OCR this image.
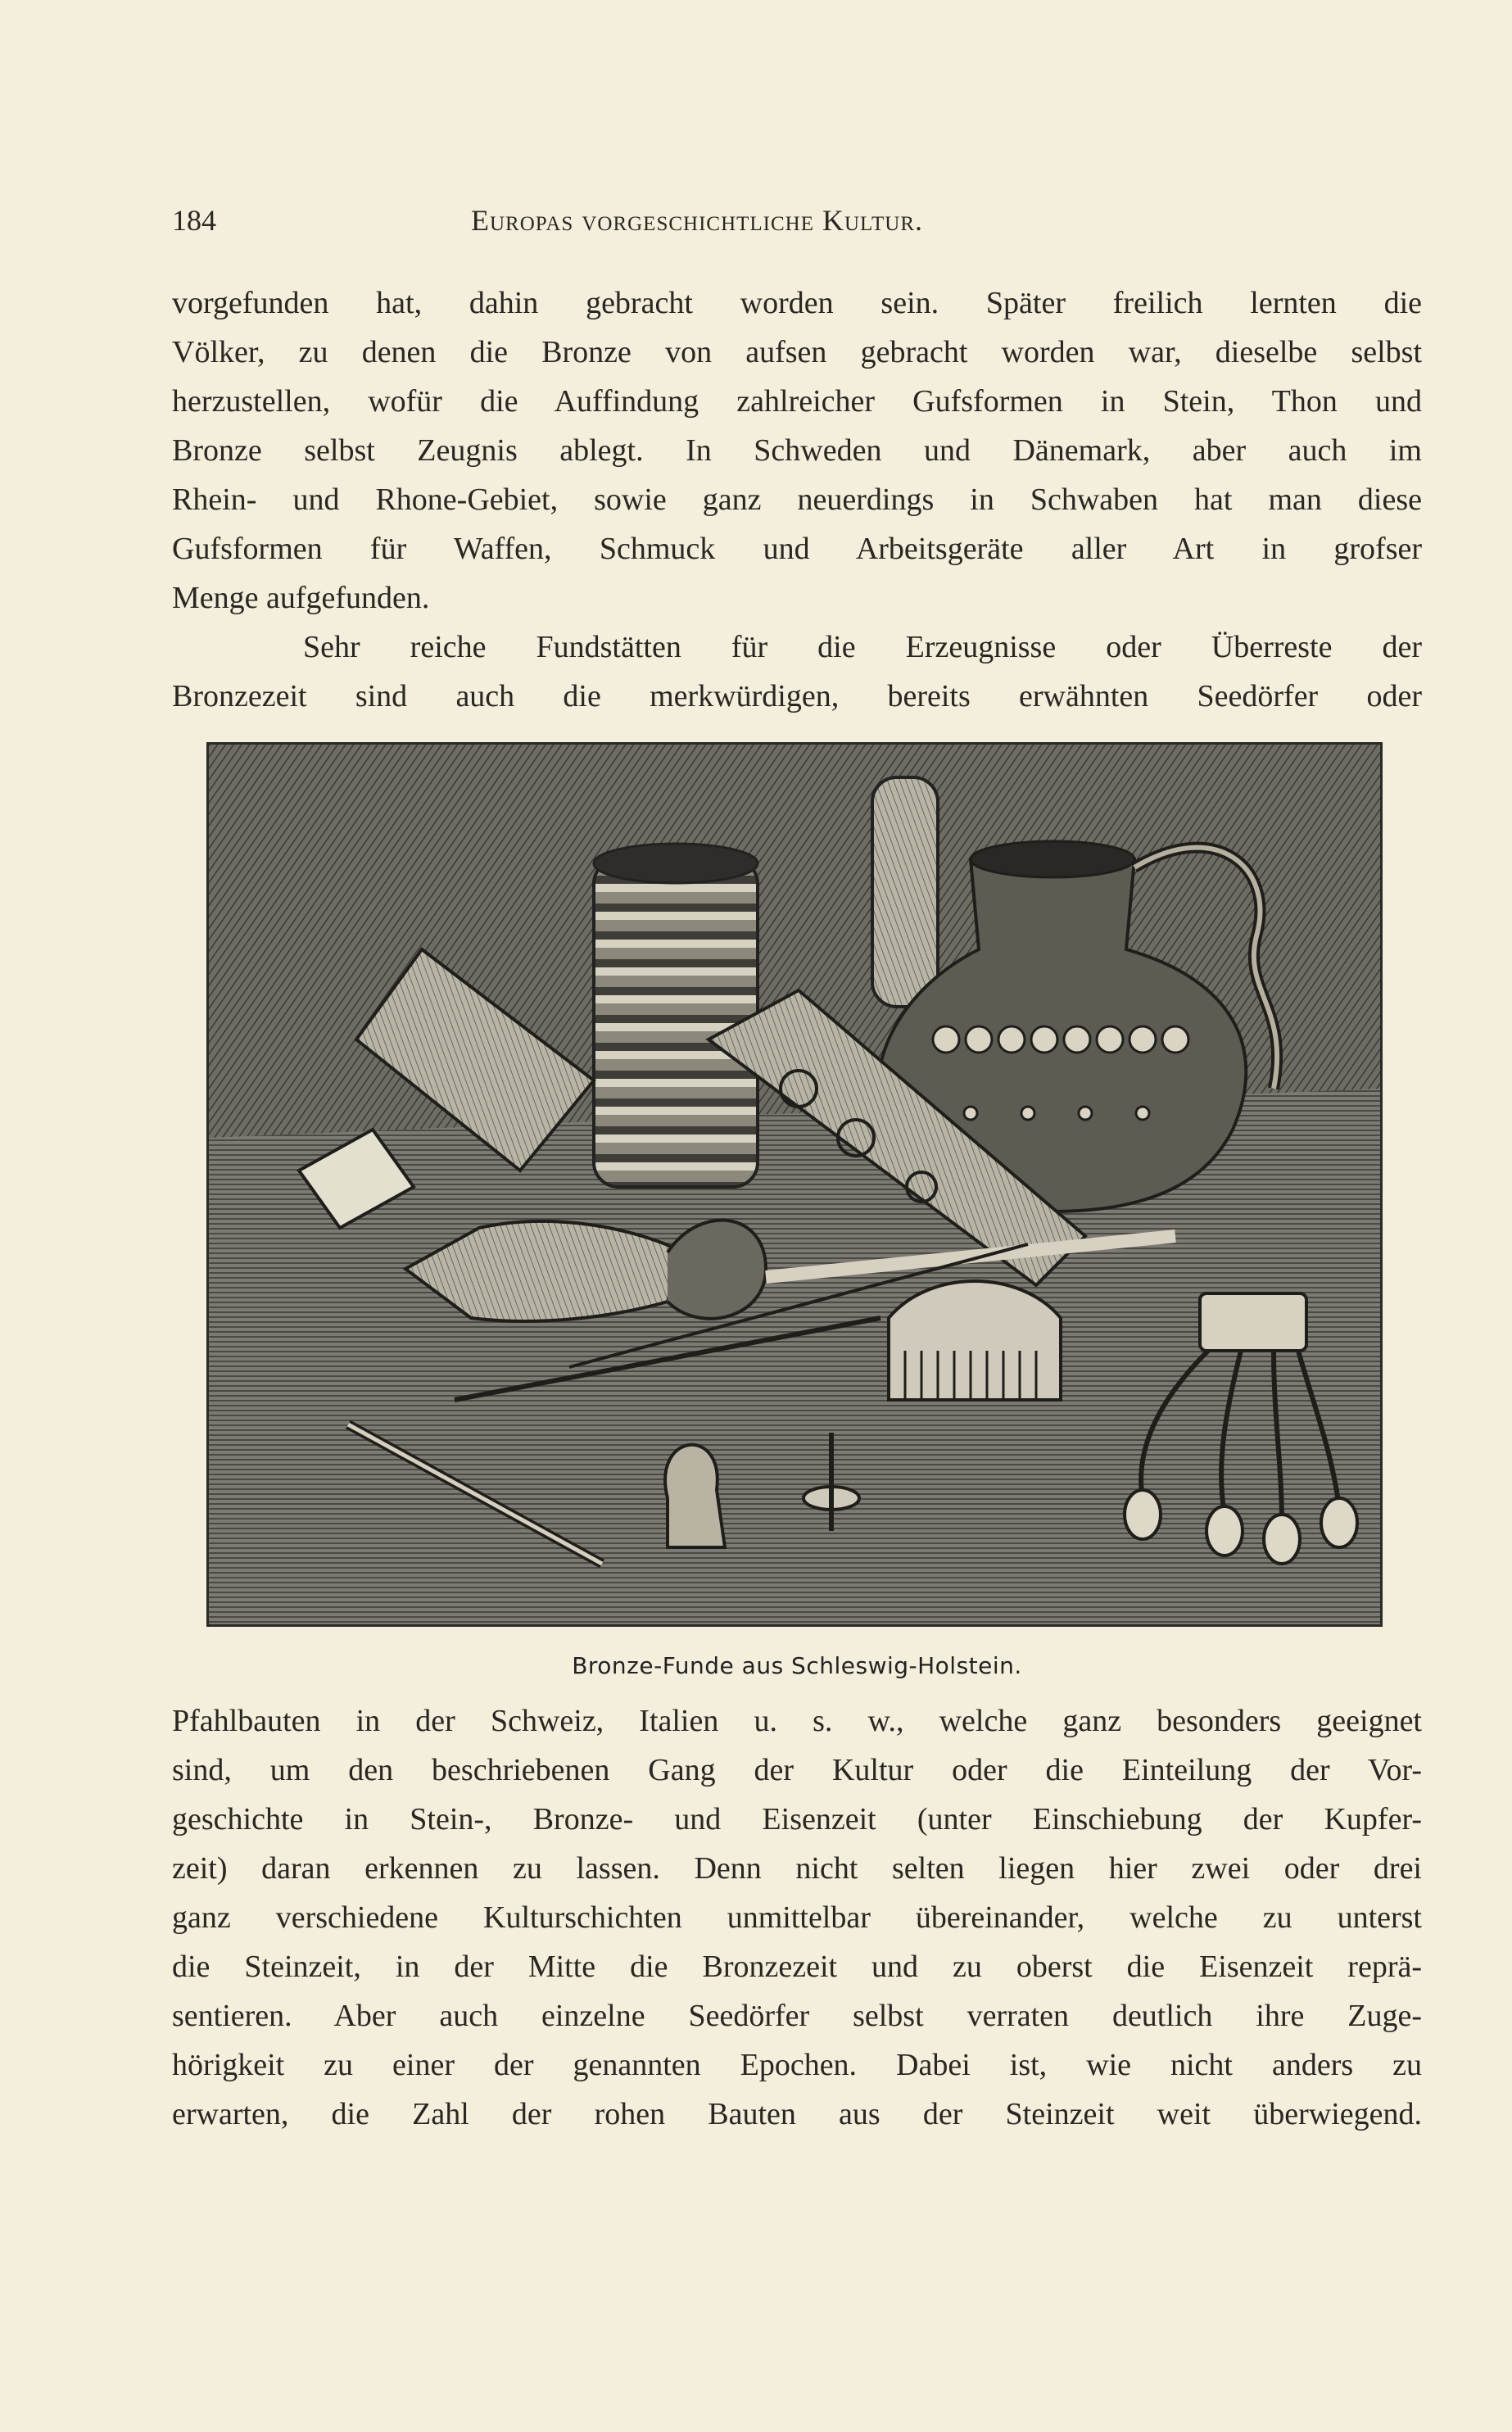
184	Europas vorgeschichtliche Kultur.
vorgefunden hat, dahin gebracht worden sein. Später freilich lernten die
Völker, zu denen die Bronze von aufsen gebracht worden war, dieselbe selbst
herzustellen, wofür die Auffindung zahlreicher Gufsformen in Stein, Thon und
Bronze selbst Zeugnis ablegt. In Schweden und Dänemark, aber auch im
Rhein- und Rhone-Gebiet, sowie ganz neuerdings in Schwaben hat man diese
Gufsformen für Waffen, Schmuck und Arbeitsgeräte aller Art in grofser
Menge aufgefunden.
Sehr reiche Fundstätten für die Erzeugnisse oder Überreste der
Bronzezeit sind auch die merkwürdigen, bereits erwähnten Seedörfer oder
Bronze-Funde aus Schleswig-Holstein.
Pfahlbauten in der Schweiz, Italien u. s. w., welche ganz besonders geeignet
sind, um den beschriebenen Gang der Kultur oder die Einteilung der Vor-
geschichte in Stein-, Bronze- und Eisenzeit (unter Einschiebung der Kupfer-
zeit) daran erkennen zu lassen. Denn nicht selten liegen hier zwei oder drei
ganz verschiedene Kulturschichten unmittelbar übereinander, welche zu unterst
die Steinzeit, in der Mitte die Bronzezeit und zu oberst die Eisenzeit reprä-
sentieren. Aber auch einzelne Seedörfer selbst verraten deutlich ihre Zuge-
hörigkeit zu einer der genannten Epochen. Dabei ist, wie nicht anders zu
erwarten, die Zahl der rohen Bauten aus der Steinzeit weit überwiegend.
